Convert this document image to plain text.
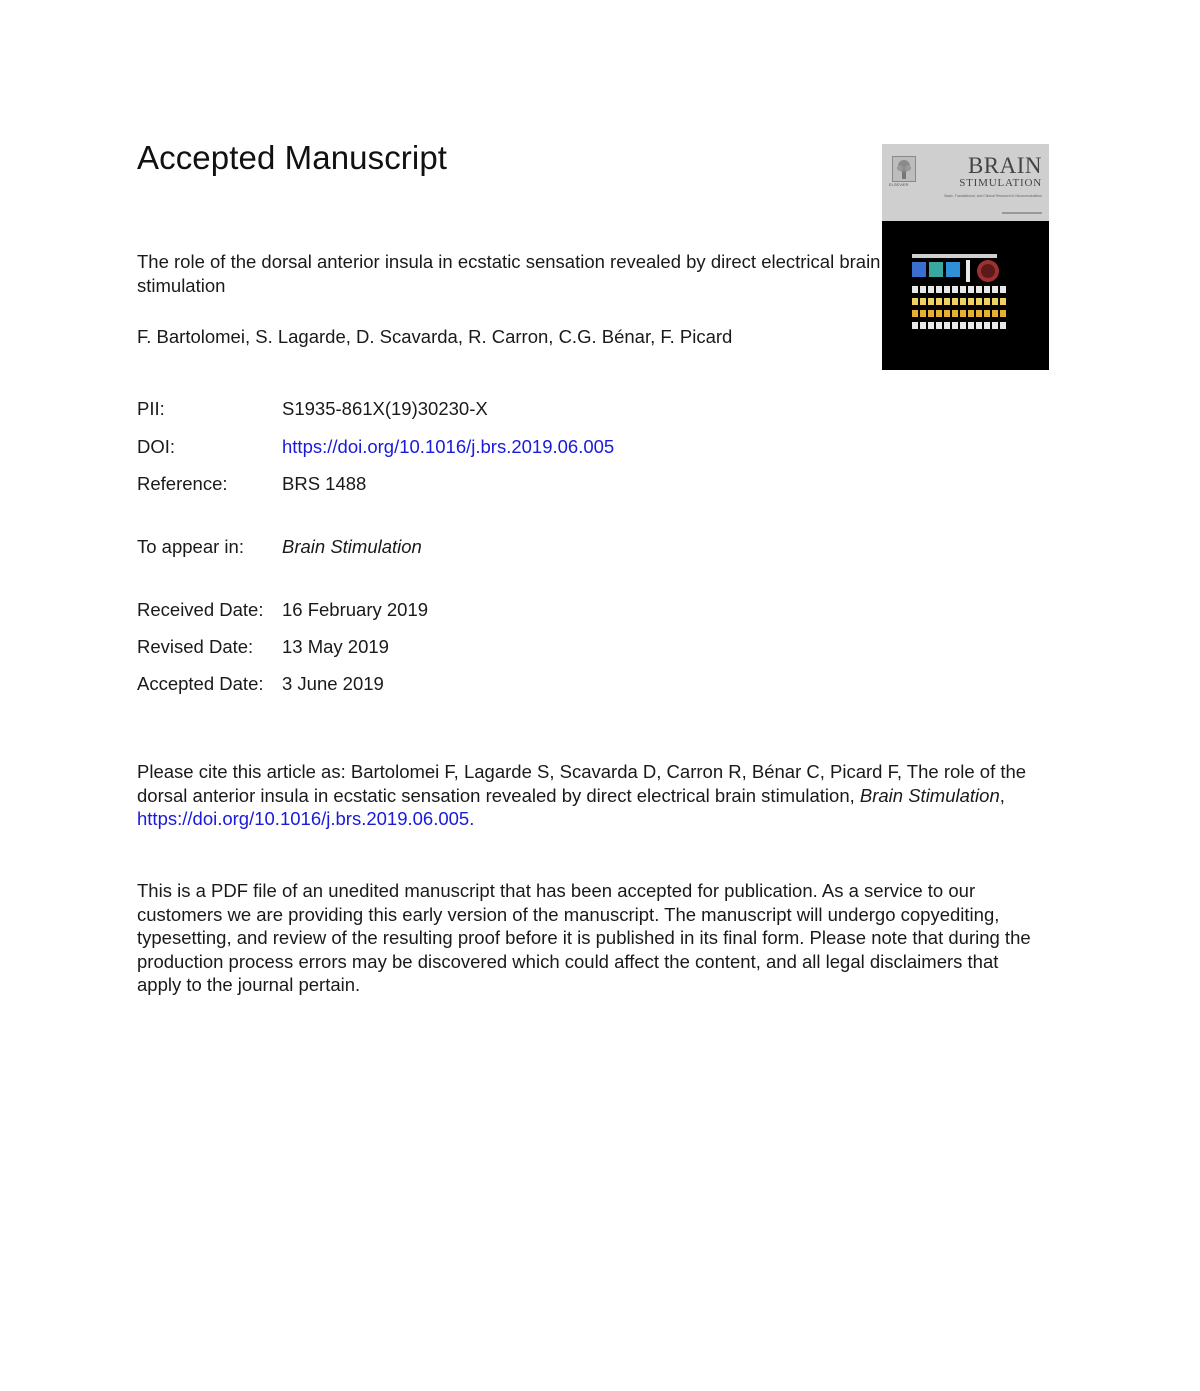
Accepted Manuscript

The role of the dorsal anterior insula in ecstatic sensation revealed by direct electrical brain stimulation

F. Bartolomei, S. Lagarde, D. Scavarda, R. Carron, C.G. Bénar, F. Picard

PII:	S1935-861X(19)30230-X
DOI:	https://doi.org/10.1016/j.brs.2019.06.005
Reference:	BRS 1488
To appear in: Brain Stimulation
Received Date: 16 February 2019
Revised Date: 13 May 2019
Accepted Date: 3 June 2019

Please cite this article as: Bartolomei F, Lagarde S, Scavarda D, Carron R, Bénar C, Picard F, The role of the dorsal anterior insula in ecstatic sensation revealed by direct electrical brain stimulation, Brain Stimulation, https://doi.org/10.1016/j.brs.2019.06.005.

This is a PDF file of an unedited manuscript that has been accepted for publication. As a service to our customers we are providing this early version of the manuscript. The manuscript will undergo copyediting, typesetting, and review of the resulting proof before it is published in its final form. Please note that during the production process errors may be discovered which could affect the content, and all legal disclaimers that apply to the journal pertain.

ELSEVIER
BRAIN
STIMULATION
Basic, Translational, and Clinical Research in Neuromodulation
